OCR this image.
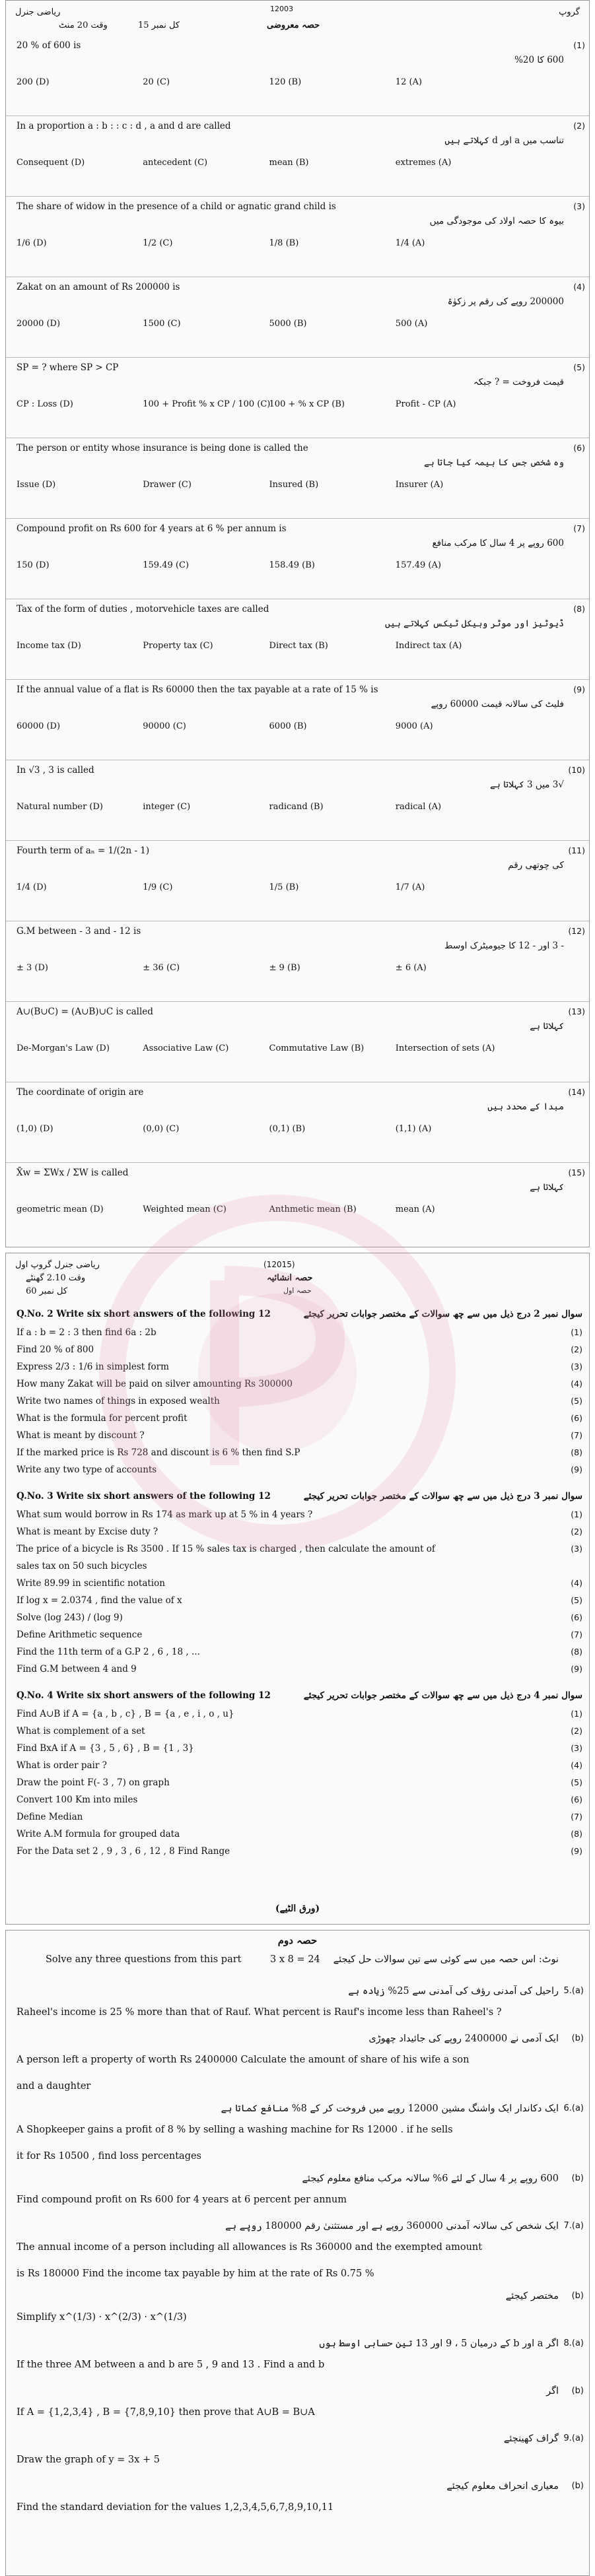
ریاضی جنرل	12003
وقت 20 منٹ	کل نمبر 15
گروپ
حصہ معروضی
20 % of 600 is
600 کا 20%
(1)
200 (D)	20 (C)	120 (B)	12 (A)
In a proportion a : b : : c : d , a and d are called
تناسب میں a اور d کہلاتے ہیں
(2)
Consequent (D)	antecedent (C)	mean (B)	extremes (A)
The share of widow in the presence of a child or agnatic grand child is
بیوہ کا حصہ اولاد کی موجودگی میں
(3)
1/6 (D)	1/2 (C)	1/8 (B)	1/4 (A)
Zakat on an amount of Rs 200000 is
200000 روپے کی رقم پر زکوٰۃ
(4)
20000 (D)	1500 (C)	5000 (B)	500 (A)
SP = ? where SP > CP
قیمت فروخت = ? جبکہ
(5)
CP : Loss (D)	100 + Profit % x CP / 100 (C)100 + % x CP (B)	Profit - CP (A)
The person or entity whose insurance is being done is called the
وہ شخص جس کا بیمہ کیا جاتا ہے
(6)
Issue (D)	Drawer (C)	Insured (B)	Insurer (A)
Compound profit on Rs 600 for 4 years at 6 % per annum is
600 روپے پر 4 سال کا مرکب منافع
(7)
150 (D)	159.49 (C)	158.49 (B)	157.49 (A)
Tax of the form of duties , motorvehicle taxes are called
ڈیوٹیز اور موٹر وہیکل ٹیکس کہلاتے ہیں
(8)
Income tax (D)	Property tax (C)	Direct tax (B)	Indirect tax (A)
If the annual value of a flat is Rs 60000 then the tax payable at a rate of 15 % is
فلیٹ کی سالانہ قیمت 60000 روپے
(9)
60000 (D)	90000 (C)	6000 (B)	9000 (A)
In √3 , 3 is called
√3 میں 3 کہلاتا ہے
(10)
Natural number (D)	integer (C)	radicand (B)	radical (A)
Fourth term of aₙ = 1/(2n - 1)
کی چوتھی رقم
(11)
1/4 (D)	1/9 (C)	1/5 (B)	1/7 (A)
G.M between - 3 and - 12 is
- 3 اور - 12 کا جیومیٹرک اوسط
(12)
± 3 (D)	± 36 (C)	± 9 (B)	± 6 (A)
A∪(B∪C) = (A∪B)∪C is called
کہلاتا ہے
(13)
De-Morgan's Law (D)	Associative Law (C)	Commutative Law (B)	Intersection of sets (A)
The coordinate of origin are
مبدا کے محدد ہیں
(14)
(1,0) (D)	(0,0) (C)	(0,1) (B)	(1,1) (A)
X̄w = ΣWx / ΣW is called
کہلاتا ہے
(15)
geometric mean (D)	Weighted mean (C)	Anthmetic mean (B)	mean (A)
ریاضی جنرل گروپ اول	(12015)
وقت 2.10 گھنٹے
کل نمبر 60
حصہ انشائیہ
حصہ اول
Q.No. 2 Write six short answers of the following 12	سوال نمبر 2 درج ذیل میں سے چھ سوالات کے مختصر جوابات تحریر کیجئے
If a : b = 2 : 3 then find 6a : 2b	(1)
Find 20 % of 800	(2)
Express 2/3 : 1/6 in simplest form	(3)
How many Zakat will be paid on silver amounting Rs 300000	(4)
Write two names of things in exposed wealth	(5)
What is the formula for percent profit	(6)
What is meant by discount ?	(7)
If the marked price is Rs 728 and discount is 6 % then find S.P	(8)
Write any two type of accounts	(9)
Q.No. 3 Write six short answers of the following 12	سوال نمبر 3 درج ذیل میں سے چھ سوالات کے مختصر جوابات تحریر کیجئے
What sum would borrow in Rs 174 as mark up at 5 % in 4 years ?	(1)
What is meant by Excise duty ?	(2)
The price of a bicycle is Rs 3500 . If 15 % sales tax is charged , then calculate the amount of	(3)
sales tax on 50 such bicycles
Write 89.99 in scientific notation	(4)
If log x = 2.0374 , find the value of x	(5)
Solve (log 243) / (log 9)	(6)
Define Arithmetic sequence	(7)
Find the 11th term of a G.P 2 , 6 , 18 , ...	(8)
Find G.M between 4 and 9	(9)
Q.No. 4 Write six short answers of the following 12	سوال نمبر 4 درج ذیل میں سے چھ سوالات کے مختصر جوابات تحریر کیجئے
Find A∪B if A = {a , b , c} , B = {a , e , i , o , u}	(1)
What is complement of a set	(2)
Find BxA if A = {3 , 5 , 6} , B = {1 , 3}	(3)
What is order pair ?	(4)
Draw the point F(- 3 , 7) on graph	(5)
Convert 100 Km into miles	(6)
Define Median	(7)
Write A.M formula for grouped data	(8)
For the Data set 2 , 9 , 3 , 6 , 12 , 8 Find Range	(9)
(ورق الٹیے)
حصہ دوم
Solve any three questions from this part	3 x 8 = 24 نوٹ: اس حصہ میں سے کوئی سے تین سوالات حل کیجئے
راحیل کی آمدنی رؤف کی آمدنی سے 25% زیادہ ہے 5.(a)
Raheel's income is 25 % more than that of Rauf. What percent is Rauf's income less than Raheel's ?
ایک آدمی نے 2400000 روپے کی جائیداد چھوڑی (b)
A person left a property of worth Rs 2400000 Calculate the amount of share of his wife a son
and a daughter
ایک دکاندار ایک واشنگ مشین 12000 روپے میں فروخت کر کے 8% منافع کماتا ہے 6.(a)
A Shopkeeper gains a profit of 8 % by selling a washing machine for Rs 12000 . if he sells
it for Rs 10500 , find loss percentages
600 روپے پر 4 سال کے لئے 6% سالانہ مرکب منافع معلوم کیجئے (b)
Find compound profit on Rs 600 for 4 years at 6 percent per annum
ایک شخص کی سالانہ آمدنی 360000 روپے ہے اور مستثنیٰ رقم 180000 روپے ہے 7.(a)
The annual income of a person including all allowances is Rs 360000 and the exempted amount
is Rs 180000 Find the income tax payable by him at the rate of Rs 0.75 %
مختصر کیجئے (b)
Simplify x^(1/3) · x^(2/3) · x^(1/3)
اگر a اور b کے درمیان 5 ، 9 اور 13 تین حسابی اوسط ہوں 8.(a)
If the three AM between a and b are 5 , 9 and 13 . Find a and b
اگر (b)
If A = {1,2,3,4} , B = {7,8,9,10} then prove that A∪B = B∪A
گراف کھینچئے 9.(a)
Draw the graph of y = 3x + 5
معیاری انحراف معلوم کیجئے (b)
Find the standard deviation for the values 1,2,3,4,5,6,7,8,9,10,11
